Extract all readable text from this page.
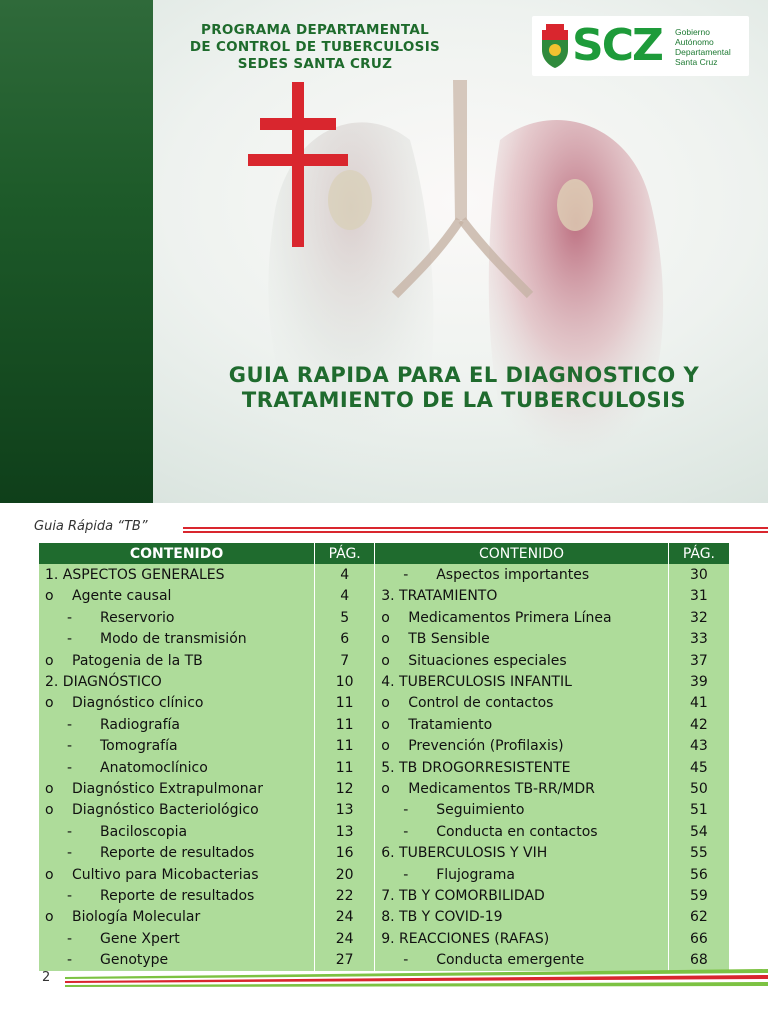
PROGRAMA DEPARTAMENTAL
DE CONTROL DE TUBERCULOSIS
SEDES SANTA CRUZ	SCZ Gobierno
Autónomo
Departamental
Santa Cruz
GUIA RAPIDA PARA EL DIAGNOSTICO Y
TRATAMIENTO DE LA TUBERCULOSIS
Guia Rápida “TB”
CONTENIDO	PÁG.	CONTENIDO	PÁG.
1. ASPECTOS GENERALES	4	- Aspectos importantes	30
o Agente causal	4	3. TRATAMIENTO	31
- Reservorio	5	o Medicamentos Primera Línea	32
- Modo de transmisión	6	o TB Sensible	33
o Patogenia de la TB	7	o Situaciones especiales	37
2. DIAGNÓSTICO	10	4. TUBERCULOSIS INFANTIL	39
o Diagnóstico clínico	11	o Control de contactos	41
- Radiografía	11	o Tratamiento	42
- Tomografía	11	o Prevención (Profilaxis)	43
- Anatomoclínico	11	5. TB DROGORRESISTENTE	45
o Diagnóstico Extrapulmonar	12	o Medicamentos TB-RR/MDR	50
o Diagnóstico Bacteriológico	13	- Seguimiento	51
- Baciloscopia	13	- Conducta en contactos	54
- Reporte de resultados	16	6. TUBERCULOSIS Y VIH	55
o Cultivo para Micobacterias	20	- Flujograma	56
- Reporte de resultados	22	7. TB Y COMORBILIDAD	59
o Biología Molecular	24	8. TB Y COVID-19	62
- Gene Xpert	24	9. REACCIONES (RAFAS)	66
- Genotype	27	- Conducta emergente	68
2
